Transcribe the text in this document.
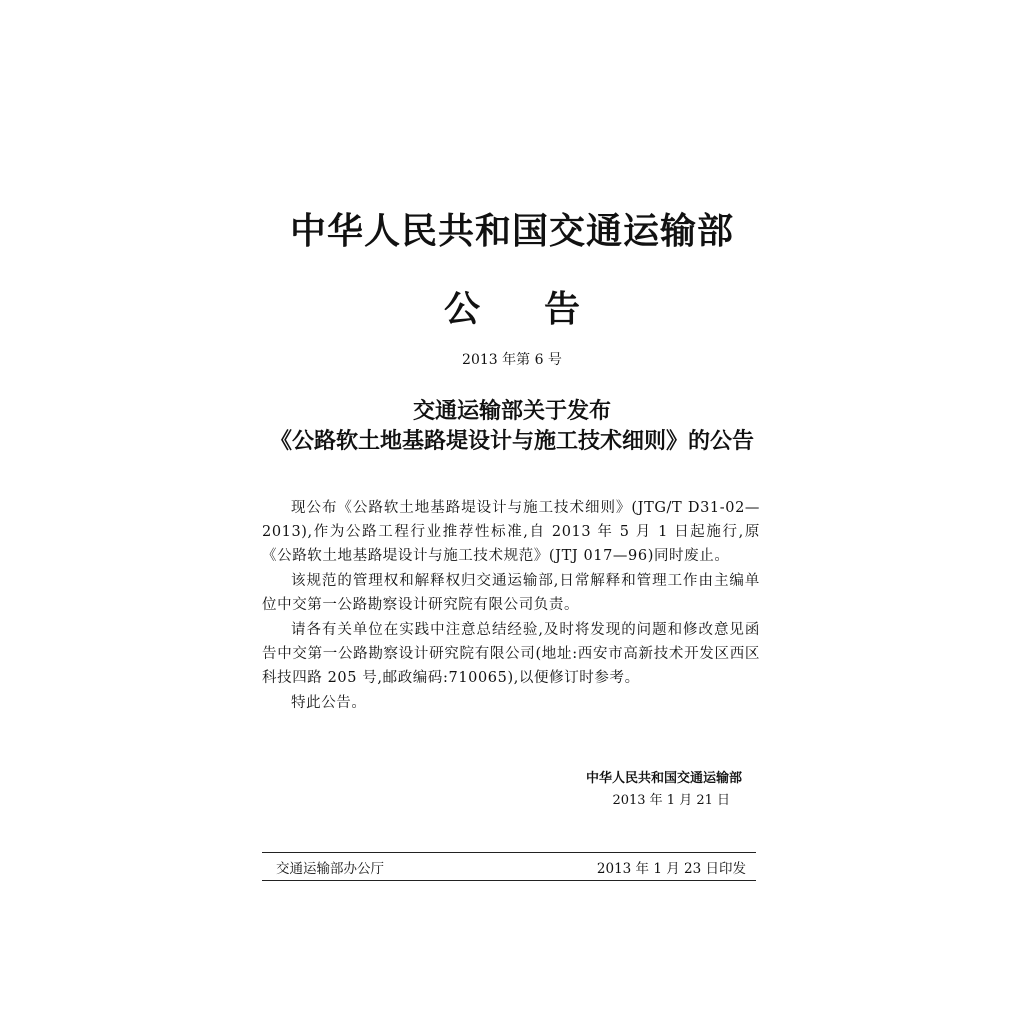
中华人民共和国交通运输部
公 告
2013 年第 6 号
交通运输部关于发布
《公路软土地基路堤设计与施工技术细则》的公告

现公布《公路软土地基路堤设计与施工技术细则》(JTG/T D31-02—2013),作为公路工程行业推荐性标准,自 2013 年 5 月 1 日起施行,原《公路软土地基路堤设计与施工技术规范》(JTJ 017—96)同时废止。

该规范的管理权和解释权归交通运输部,日常解释和管理工作由主编单位中交第一公路勘察设计研究院有限公司负责。

请各有关单位在实践中注意总结经验,及时将发现的问题和修改意见函告中交第一公路勘察设计研究院有限公司(地址:西安市高新技术开发区西区科技四路 205 号,邮政编码:710065),以便修订时参考。

特此公告。

中华人民共和国交通运输部
2013 年 1 月 21 日
交通运输部办公厅	2013 年 1 月 23 日印发
